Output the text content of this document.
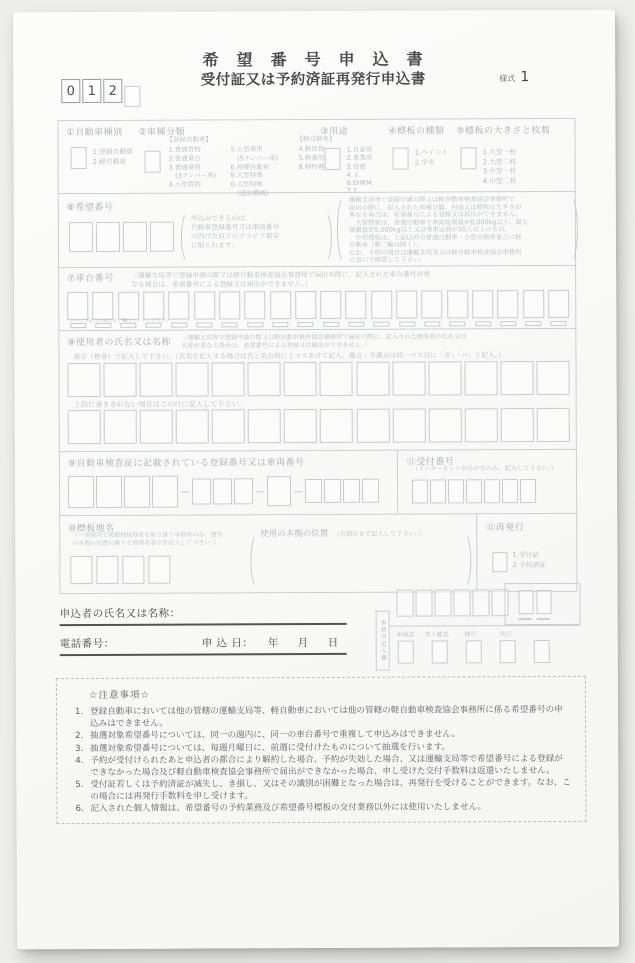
0 1 2
希　望　番　号　申　込　書
受付証又は予約済証再発行申込書	様式 1
①自動車種別
1.登録自動車
2.軽自動車
②車種分類
【登録自動車】
1.普通貨物
2.普通乗合
3.普通乗用
　(3ナンバー車)
4.小型貨物
5.小型乗用
　(5ナンバー車)
6.特種自動車
9.大型特殊
0.大型特殊
　(建設機械)
【軽自動車】
4.軽貨物
5.軽乗用
8.軽特種
③用途
1.自家用
2.事業用
3.貸渡
4.よ
6.EHKM
7.Y
④標板の種類
1.ペイント
2.字光
⑤標板の大きさと枚数
1.大型一枚
2.大型二枚
3.中型一枚
4.中型二枚
⑥希望番号
申込みできるのは、
自動車登録番号又は車両番号
の四けた以下のアラビア数字
に限られます。
運輸支局等で登録申請の際又は軽自動車検査協会事務所で
届出の際に、記入された車種分類、用途又は標板の大きさが
異なる場合は、希望番号による登録又は届出ができません。
　大型標板は、普通自動車で車両総重量が8,000kg以上、最大
積載量が5,000kg以上又は乗車定員が30人以上のもの。
　中型標板は、上記以外の普通自動車・小型自動車並びに軽
自動車（軽二輪は除く）。
なお、不明の場合は運輸支局等又は軽自動車検査協会事務所
の窓口で確認して下さい。
⑦車台番号	（運輸支局等で登録申請の際又は軽自動車検査協会事務所で届出の際に、記入された車台番号が異
なる場合は、希望番号による登録又は届出ができません。）
ローマ字記入の場合は下欄にマークして下さい
⑧使用者の氏名又は名称
（運輸支局等で登録申請の際又は軽自動車検査協会事務所で届出の際に、記入された使用者の氏名又は
名称が異なる場合は、希望番号による登録又は届出ができません。）
漢字（楷書）で記入して下さい。（氏名を記入する場合は氏と名の間に１マスあけて記入。濁点・半濁点は同一マス目に「ガ」「パ」と記入。）
上段に書ききれない場合はこの行に記入して下さい。
⑨自動車検査証に記載されている登録番号又は車両番号	⑪受付番号
（インターネット申込の方のみ、記入して下さい。）
⑩標板地名
（一事務所で複数標板地名を取り扱う事務所のみ、使用
の本拠の位置の属する地域名表示を記入して下さい。）
使用の本拠の位置 （市郡区まで記入して下さい。）
⑫再発行
1.受付証
2.予約済証
申込者の氏名又は名称：
電話番号：	申 込 日： 年 月 日	事務所記入欄 車検証 本人確認	移行	代行
☆注意事項☆
1． 登録自動車においては他の管轄の運輸支局等、軽自動車においては他の管轄の軽自動車検査協会事務所に係る希望番号の申込みはできません。
2． 抽選対象希望番号については、同一の週内に、同一の車台番号で重複して申込みはできません。
3． 抽選対象希望番号については、毎週月曜日に、前週に受付けたものについて抽選を行います。
4． 予約が受付けられたあと申込者の都合により解約した場合、予約が失効した場合、又は運輸支局等で希望番号による登録ができなかった場合及び軽自動車検査協会事務所で届出ができなかった場合、申し受けた交付手数料は返還いたしません。
5． 受付証若しくは予約済証が滅失し、き損し、又はその識別が困難となった場合は、再発行を受けることができます。なお、この場合には再発行手数料を申し受けます。
6． 記入された個人情報は、希望番号の予約業務及び希望番号標板の交付業務以外には使用いたしません。
